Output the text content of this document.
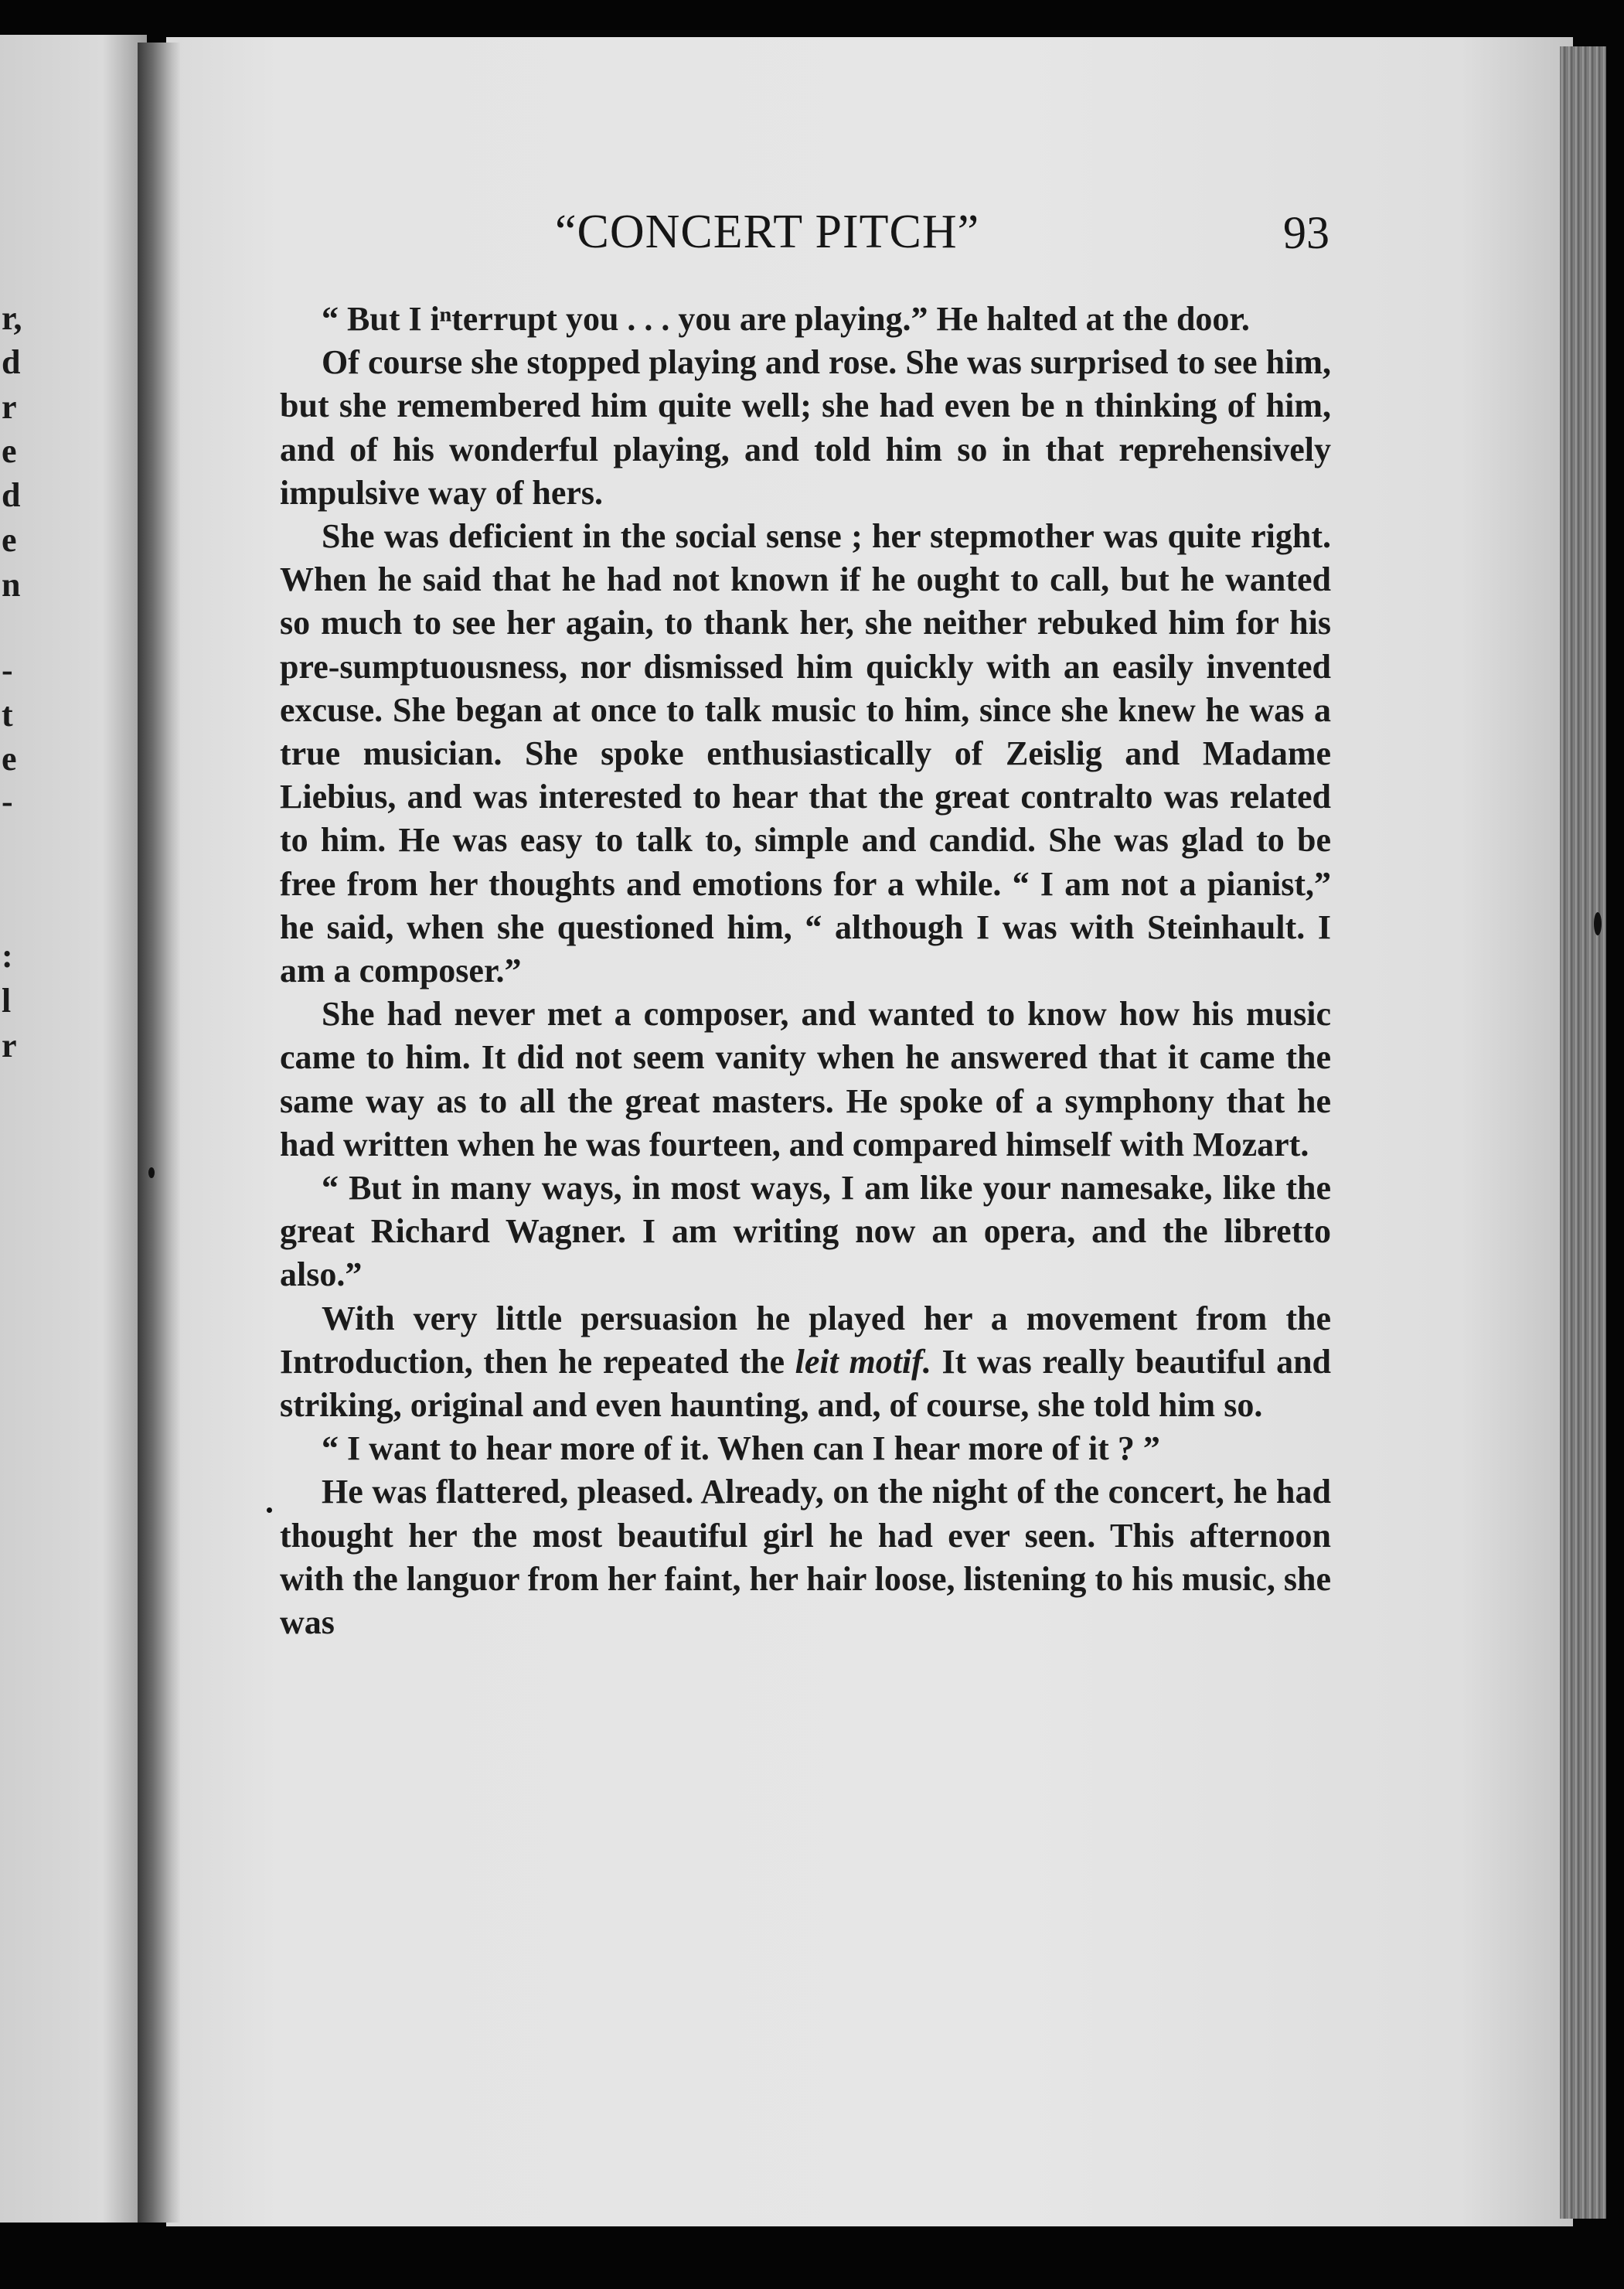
r,
d
r
e
d
e
n
-
t
e
-
:
l
r
“CONCERT PITCH”	93

“ But I iⁿterrupt you . . . you are playing.” He halted at the door.

Of course she stopped playing and rose. She was surprised to see him, but she remembered him quite well; she had even be n thinking of him, and of his wonderful playing, and told him so in that reprehensively impulsive way of hers.

She was deficient in the social sense ; her stepmother was quite right. When he said that he had not known if he ought to call, but he wanted so much to see her again, to thank her, she neither rebuked him for his pre-sumptuousness, nor dismissed him quickly with an easily invented excuse. She began at once to talk music to him, since she knew he was a true musician. She spoke enthusiastically of Zeislig and Madame Liebius, and was interested to hear that the great contralto was related to him. He was easy to talk to, simple and candid. She was glad to be free from her thoughts and emotions for a while. “ I am not a pianist,” he said, when she questioned him, “ although I was with Steinhault. I am a composer.”

She had never met a composer, and wanted to know how his music came to him. It did not seem vanity when he answered that it came the same way as to all the great masters. He spoke of a symphony that he had written when he was fourteen, and compared himself with Mozart.

“ But in many ways, in most ways, I am like your namesake, like the great Richard Wagner. I am writing now an opera, and the libretto also.”

With very little persuasion he played her a movement from the Introduction, then he repeated the leit motif. It was really beautiful and striking, original and even haunting, and, of course, she told him so.

“ I want to hear more of it. When can I hear more of it ? ”

He was flattered, pleased. Already, on the night of the concert, he had thought her the most beautiful girl he had ever seen. This afternoon with the languor from her faint, her hair loose, listening to his music, she was
